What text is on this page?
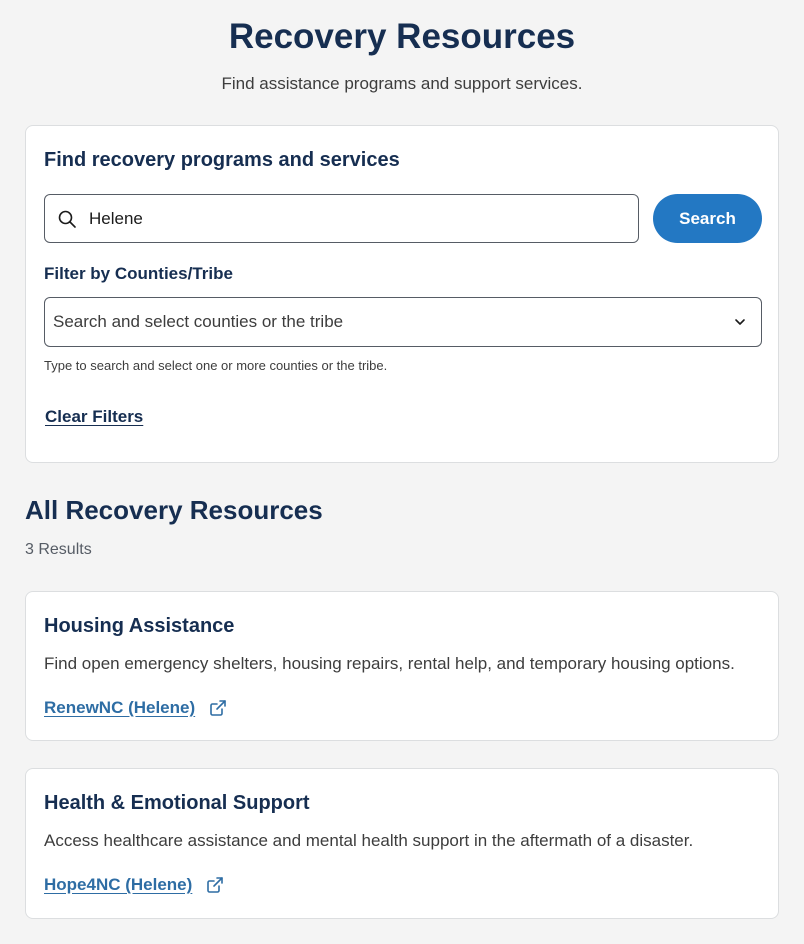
Recovery Resources

Find assistance programs and support services.

Find recovery programs and services
Helene
Search
Filter by Counties/Tribe
Search and select counties or the tribe
Type to search and select one or more counties or the tribe.
Clear Filters
All Recovery Resources
3 Results
Housing Assistance

Find open emergency shelters, housing repairs, rental help, and temporary housing options.

RenewNC (Helene)
Health & Emotional Support

Access healthcare assistance and mental health support in the aftermath of a disaster.

Hope4NC (Helene)
